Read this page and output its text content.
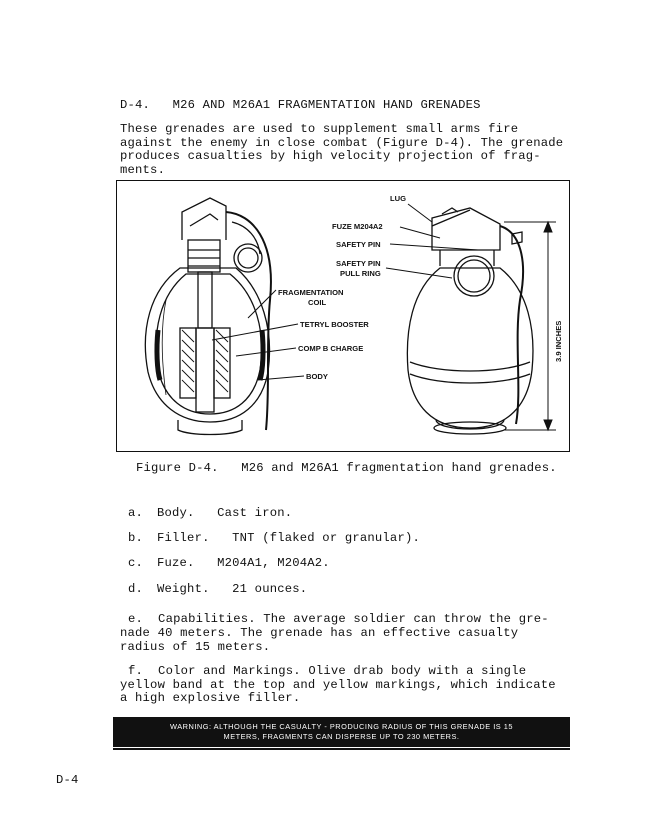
D-4.   M26 AND M26A1 FRAGMENTATION HAND GRENADES
These grenades are used to supplement small arms fire
against the enemy in close combat (Figure D-4). The grenade
produces casualties by high velocity projection of frag-
ments.
LUG
FUZE M204A2
SAFETY PIN
SAFETY PIN
PULL RING
FRAGMENTATION
COIL
TETRYL BOOSTER
COMP B CHARGE
BODY
3.9 INCHES
Figure D-4.   M26 and M26A1 fragmentation hand grenades.
a. Body.   Cast iron.
b. Filler.   TNT (flaked or granular).
c. Fuze.   M204A1, M204A2.
d. Weight.   21 ounces.
e.  Capabilities. The average soldier can throw the gre-
nade 40 meters. The grenade has an effective casualty
radius of 15 meters.
f.  Color and Markings. Olive drab body with a single
yellow band at the top and yellow markings, which indicate
a high explosive filler.
WARNING: ALTHOUGH THE CASUALTY - PRODUCING RADIUS OF THIS GRENADE IS 15
METERS, FRAGMENTS CAN DISPERSE UP TO 230 METERS.
D-4
